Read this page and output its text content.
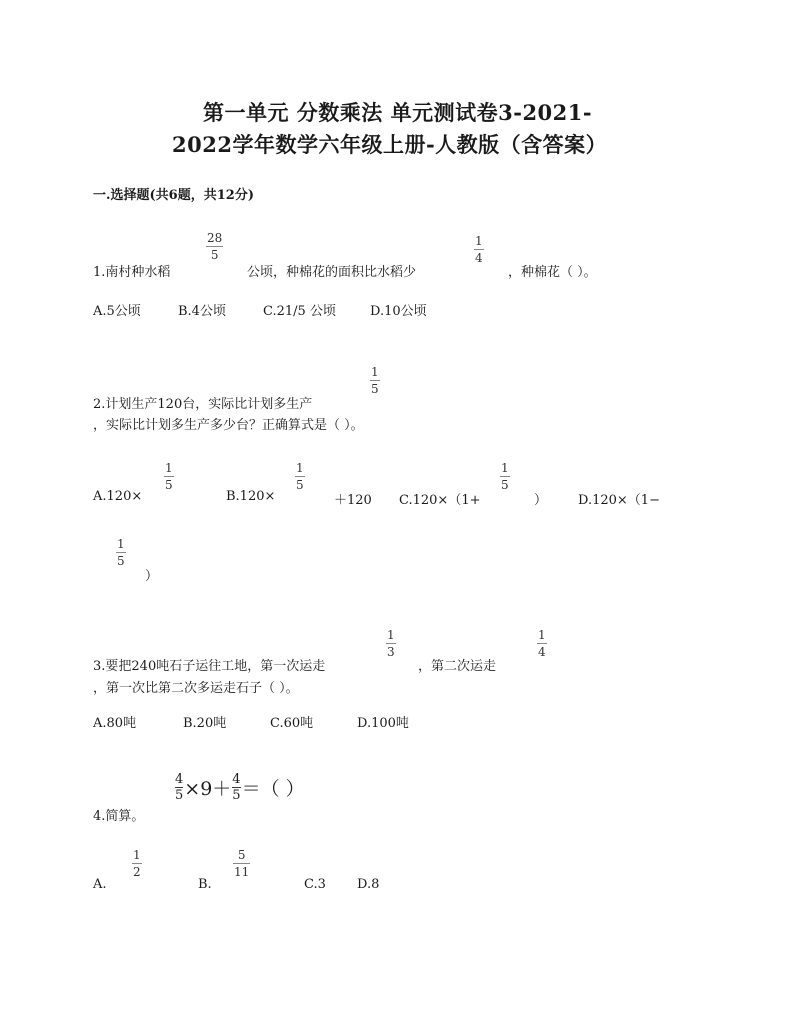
第一单元 分数乘法 单元测试卷3-2021-
2022学年数学六年级上册-人教版（含答案）
一.选择题(共6题，共12分)
28
5
1
4
1.南村种水稻	公顷，种棉花的面积比水稻少	，种棉花（ ）。
A.5公顷	B.4公顷	C.21/5 公顷	D.10公顷
1
5
2.计划生产120台，实际比计划多生产
，实际比计划多生产多少台？正确算式是（ ）。
A.120×
1
5
B.120×
1
5
＋120 C.120×（1+
1
5
） D.120×（1−
1
5
）
1
3
1
4
3.要把240吨石子运往工地，第一次运走	，第二次运走
，第一次比第二次多运走石子（ ）。
A.80吨	B.20吨	C.60吨	D.100吨
4
5 ×9＋ 4
5 ＝（ ）
4.简算。
A.
1
2
B.
5
11
C.3 D.8
